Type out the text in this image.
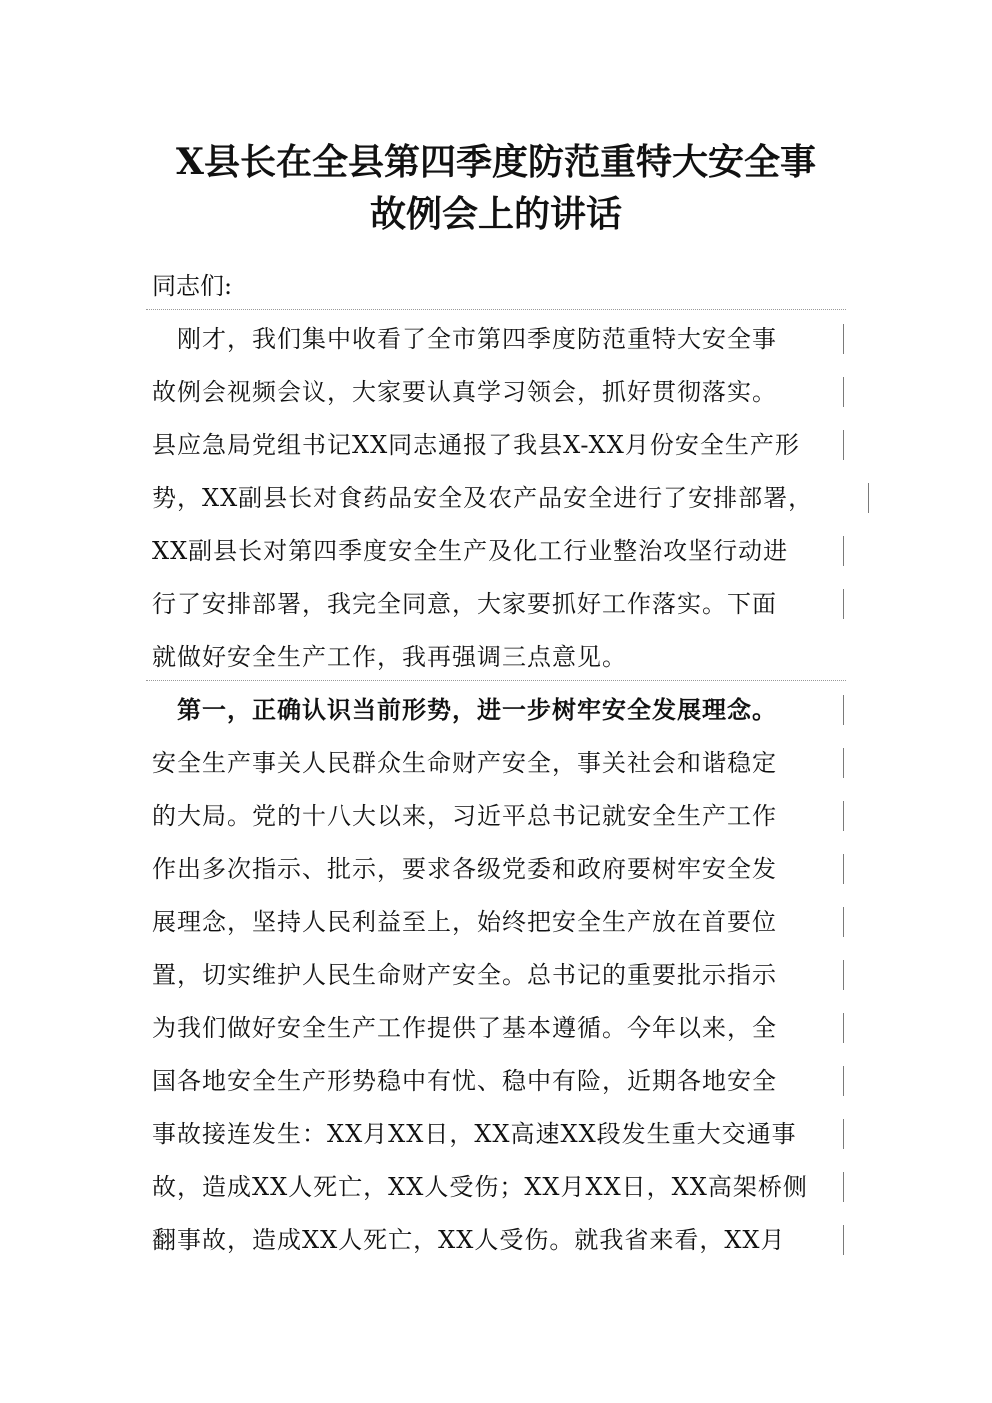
X县长在全县第四季度防范重特大安全事
故例会上的讲话
同志们:
　刚才，我们集中收看了全市第四季度防范重特大安全事
故例会视频会议，大家要认真学习领会，抓好贯彻落实。
县应急局党组书记XX同志通报了我县X-XX月份安全生产形
势，XX副县长对食药品安全及农产品安全进行了安排部署，
XX副县长对第四季度安全生产及化工行业整治攻坚行动进
行了安排部署，我完全同意，大家要抓好工作落实。下面
就做好安全生产工作，我再强调三点意见。
　第一，正确认识当前形势，进一步树牢安全发展理念。
安全生产事关人民群众生命财产安全，事关社会和谐稳定
的大局。党的十八大以来，习近平总书记就安全生产工作
作出多次指示、批示，要求各级党委和政府要树牢安全发
展理念，坚持人民利益至上，始终把安全生产放在首要位
置，切实维护人民生命财产安全。总书记的重要批示指示
为我们做好安全生产工作提供了基本遵循。今年以来，全
国各地安全生产形势稳中有忧、稳中有险，近期各地安全
事故接连发生：XX月XX日，XX高速XX段发生重大交通事
故，造成XX人死亡，XX人受伤；XX月XX日，XX高架桥侧
翻事故，造成XX人死亡，XX人受伤。就我省来看，XX月
